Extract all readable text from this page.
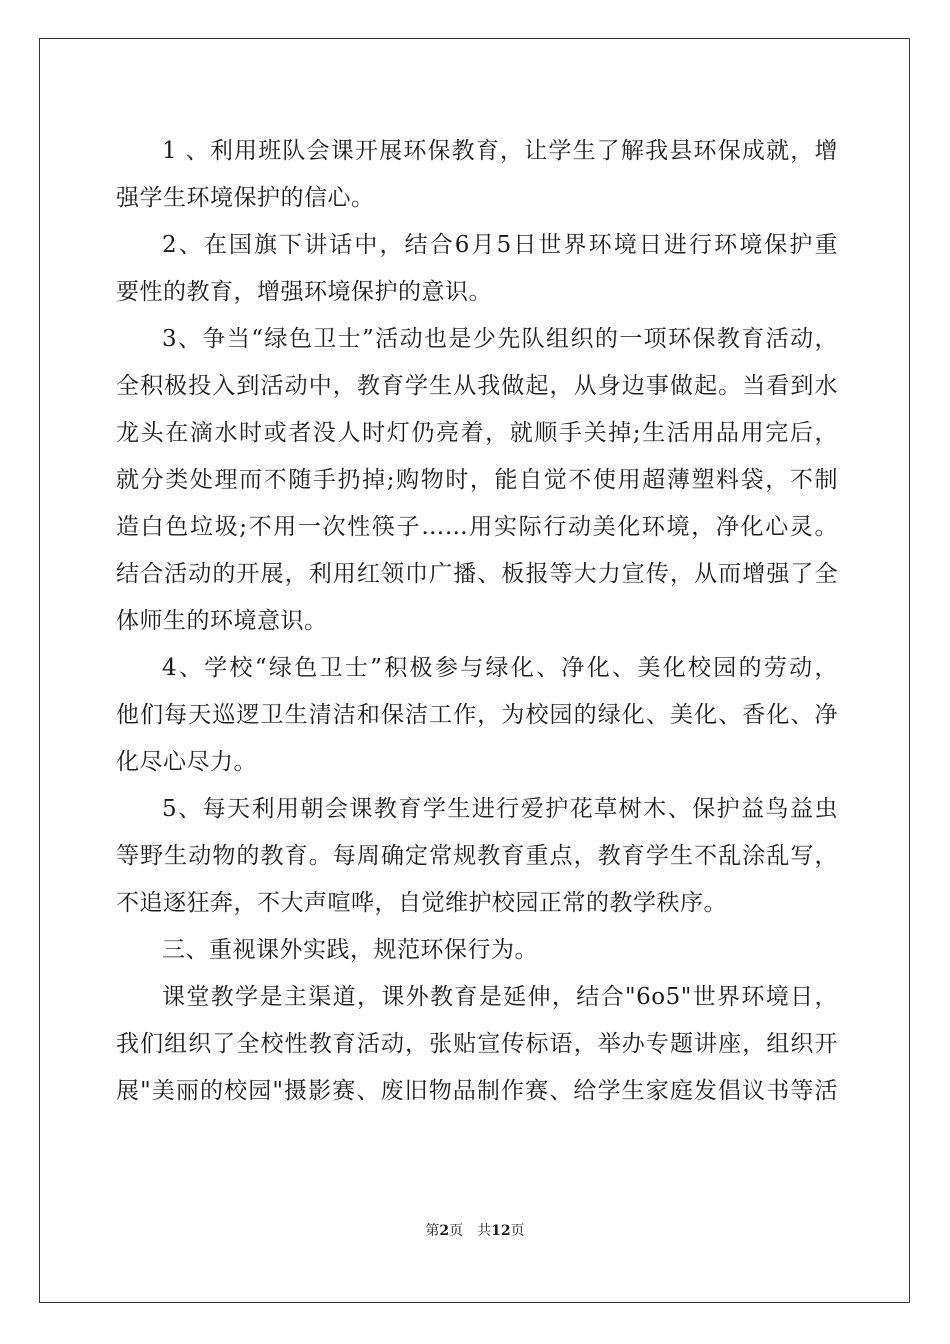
1 、利用班队会课开展环保教育，让学生了解我县环保成就，增
强学生环境保护的信心。
2、在国旗下讲话中，结合6月5日世界环境日进行环境保护重
要性的教育，增强环境保护的意识。
3、争当“绿色卫士”活动也是少先队组织的一项环保教育活动，
全积极投入到活动中，教育学生从我做起，从身边事做起。当看到水
龙头在滴水时或者没人时灯仍亮着，就顺手关掉;生活用品用完后，
就分类处理而不随手扔掉;购物时，能自觉不使用超薄塑料袋，不制
造白色垃圾;不用一次性筷子……用实际行动美化环境，净化心灵。
结合活动的开展，利用红领巾广播、板报等大力宣传，从而增强了全
体师生的环境意识。
4、学校“绿色卫士”积极参与绿化、净化、美化校园的劳动，
他们每天巡逻卫生清洁和保洁工作，为校园的绿化、美化、香化、净
化尽心尽力。
5、每天利用朝会课教育学生进行爱护花草树木、保护益鸟益虫
等野生动物的教育。每周确定常规教育重点，教育学生不乱涂乱写，
不追逐狂奔，不大声喧哗，自觉维护校园正常的教学秩序。
三、重视课外实践，规范环保行为。
课堂教学是主渠道，课外教育是延伸，结合"6o5"世界环境日，
我们组织了全校性教育活动，张贴宣传标语，举办专题讲座，组织开
展"美丽的校园"摄影赛、废旧物品制作赛、给学生家庭发倡议书等活
第2页 共12页
